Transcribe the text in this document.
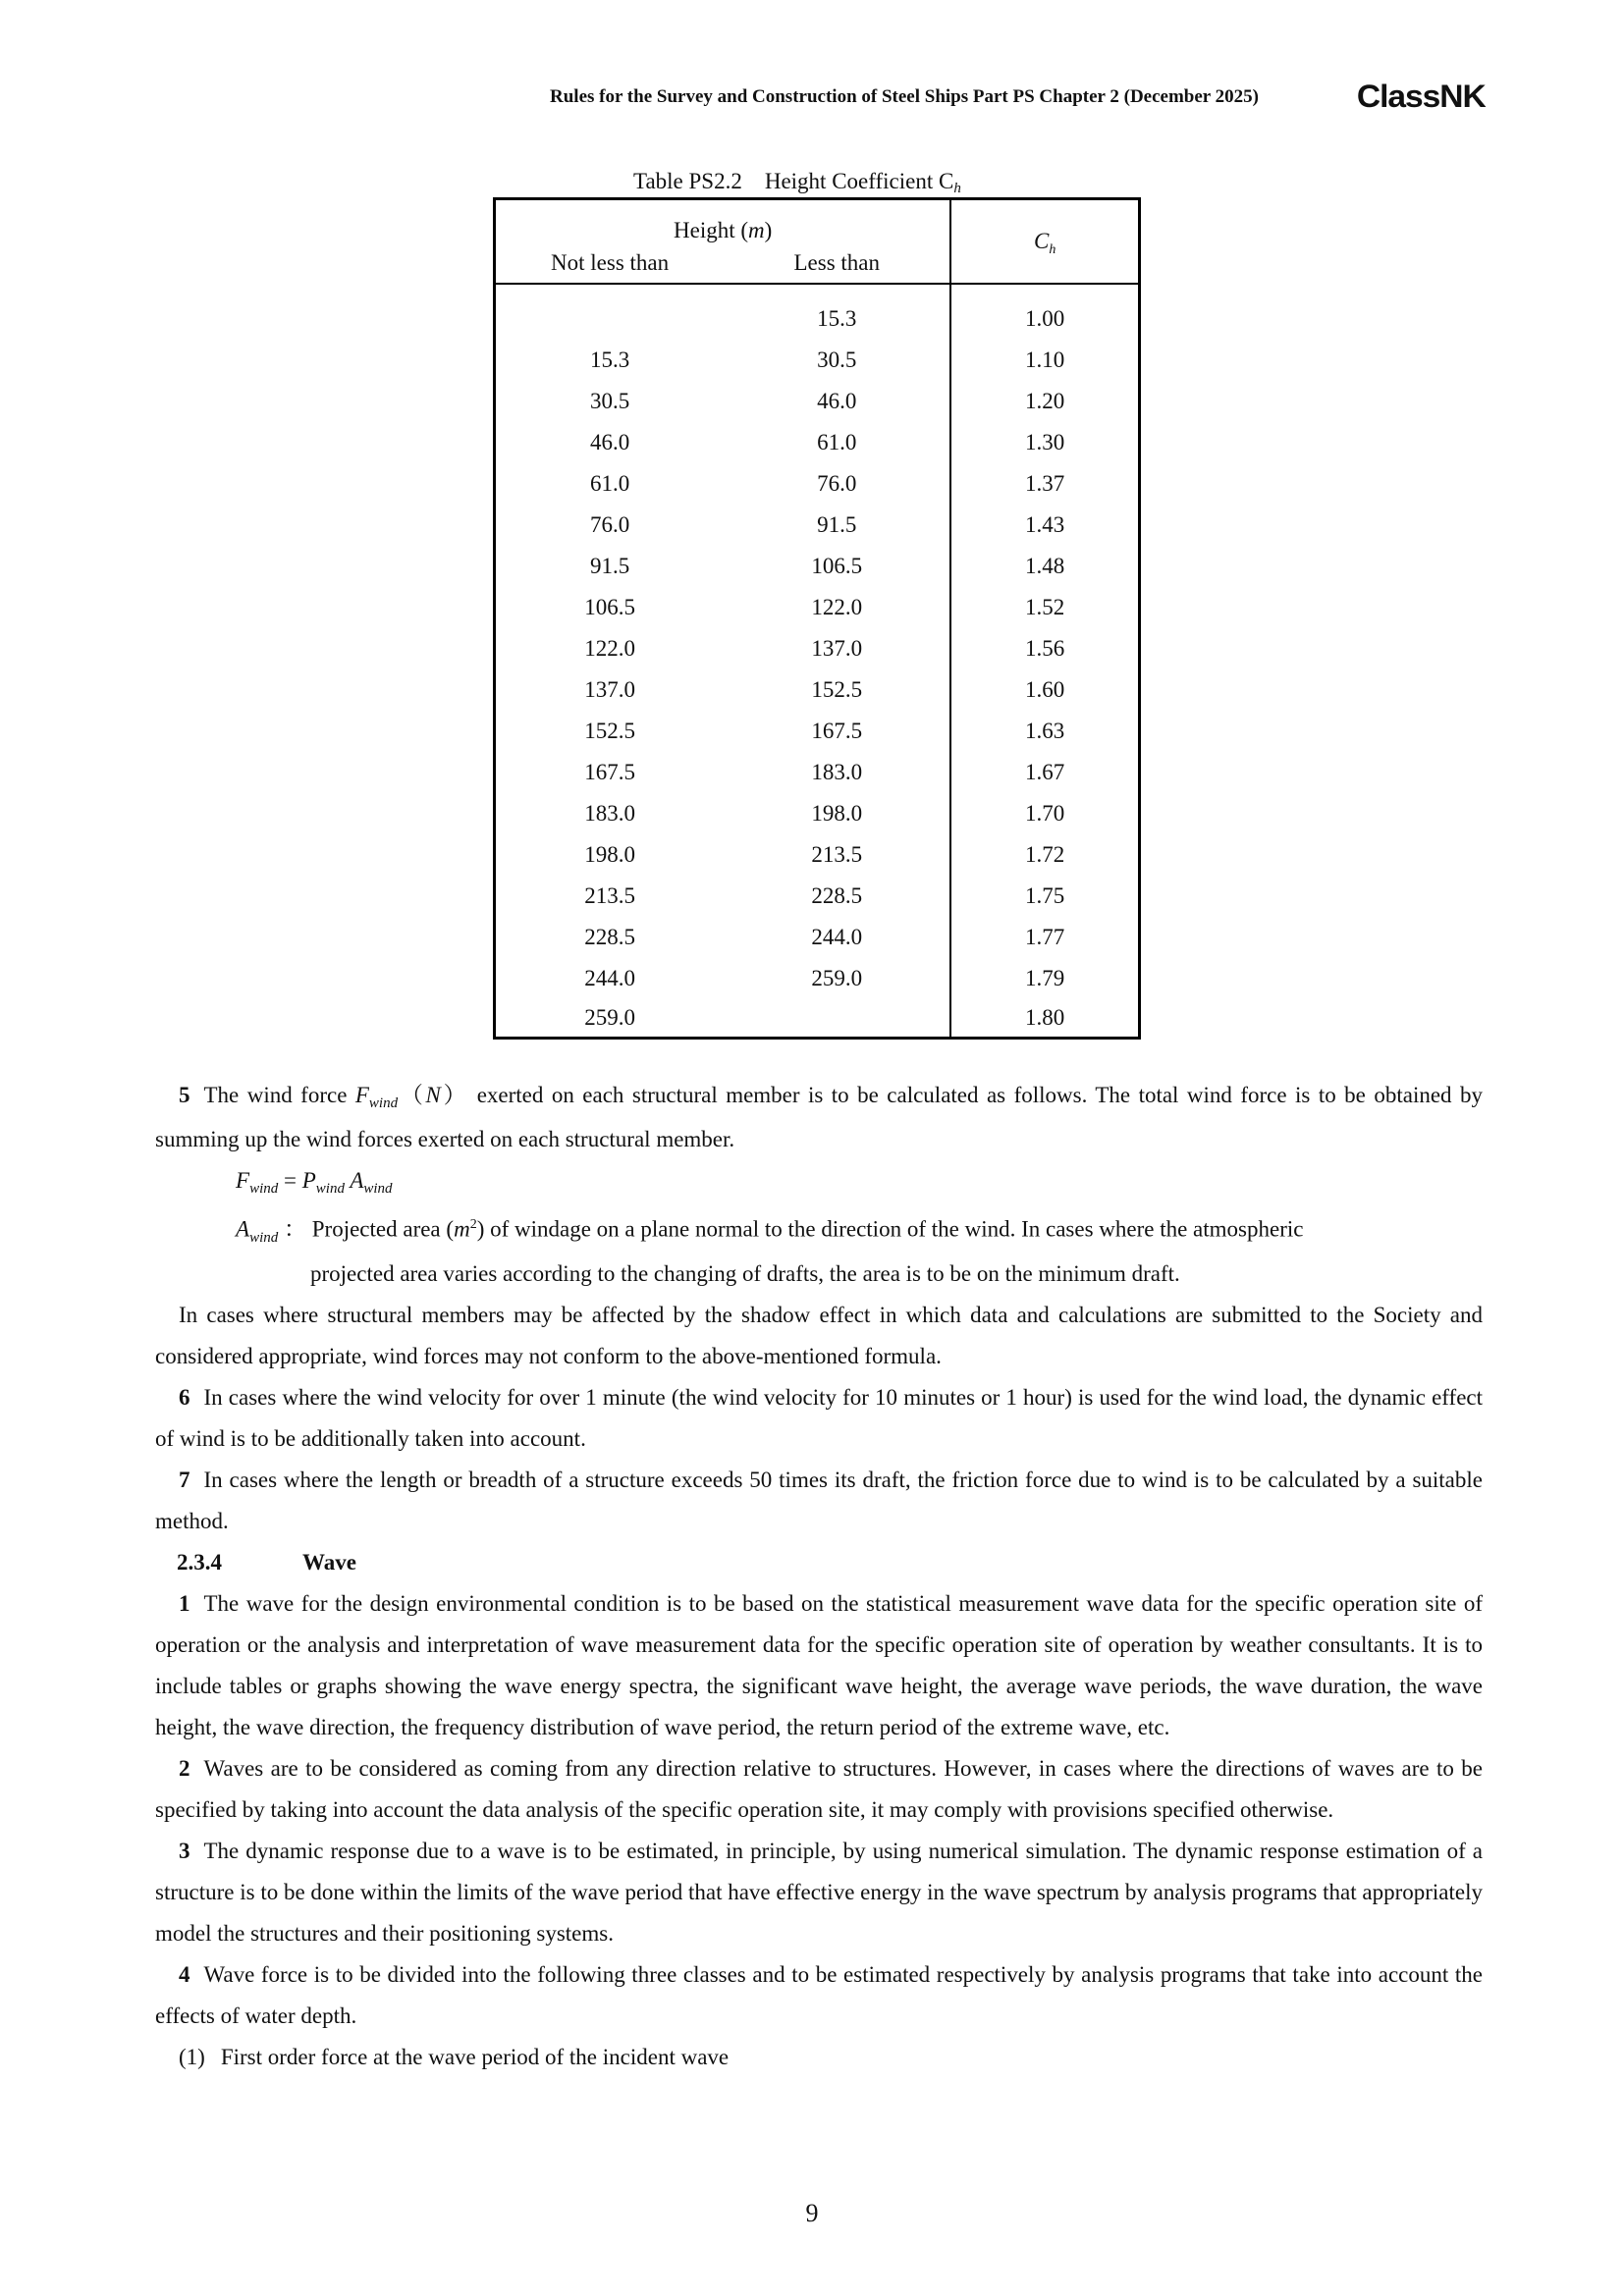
Rules for the Survey and Construction of Steel Ships Part PS Chapter 2 (December 2025)	ClassNK
Table PS2.2 Height Coefficient Ch
Height (m)		$C_h$
Not less than	Less than	
	15.3	1.00
15.3	30.5	1.10
30.5	46.0	1.20
46.0	61.0	1.30
61.0	76.0	1.37
76.0	91.5	1.43
91.5	106.5	1.48
106.5	122.0	1.52
122.0	137.0	1.56
137.0	152.5	1.60
152.5	167.5	1.63
167.5	183.0	1.67
183.0	198.0	1.70
198.0	213.5	1.72
213.5	228.5	1.75
228.5	244.0	1.77
244.0	259.0	1.79
259.0		1.80

5 The wind force $F_{wind}(N)$ exerted on each structural member is to be calculated as follows. The total wind force is to be obtained by summing up the wind forces exerted on each structural member.

$F_{wind} = P_{wind}$ $A_{wind}$

$A_{wind}$ ： Projected area $(m^2)$ of windage on a plane normal to the direction of the wind. In cases where the atmospheric

projected area varies according to the changing of drafts, the area is to be on the minimum draft.

In cases where structural members may be affected by the shadow effect in which data and calculations are submitted to the Society and considered appropriate, wind forces may not conform to the above-mentioned formula.

6 In cases where the wind velocity for over 1 minute (the wind velocity for 10 minutes or 1 hour) is used for the wind load, the dynamic effect of wind is to be additionally taken into account.

7 In cases where the length or breadth of a structure exceeds 50 times its draft, the friction force due to wind is to be calculated by a suitable method.

2.3.4	Wave

1 The wave for the design environmental condition is to be based on the statistical measurement wave data for the specific operation site of operation or the analysis and interpretation of wave measurement data for the specific operation site of operation by weather consultants. It is to include tables or graphs showing the wave energy spectra, the significant wave height, the average wave periods, the wave duration, the wave height, the wave direction, the frequency distribution of wave period, the return period of the extreme wave, etc.

2 Waves are to be considered as coming from any direction relative to structures. However, in cases where the directions of waves are to be specified by taking into account the data analysis of the specific operation site, it may comply with provisions specified otherwise.

3 The dynamic response due to a wave is to be estimated, in principle, by using numerical simulation. The dynamic response estimation of a structure is to be done within the limits of the wave period that have effective energy in the wave spectrum by analysis programs that appropriately model the structures and their positioning systems.

4 Wave force is to be divided into the following three classes and to be estimated respectively by analysis programs that take into account the effects of water depth.

(1) First order force at the wave period of the incident wave

9
